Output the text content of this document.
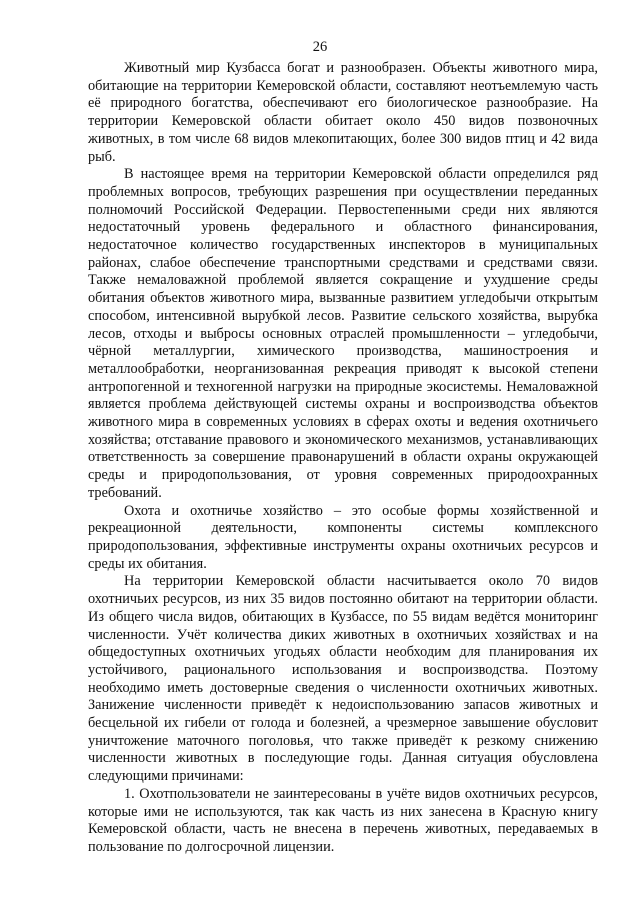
26

Животный мир Кузбасса богат и разнообразен. Объекты животного мира, обитающие на территории Кемеровской области, составляют неотъемлемую часть её природного богатства, обеспечивают его биологическое разнообразие. На территории Кемеровской области обитает около 450 видов позвоночных животных, в том числе 68 видов млекопитающих, более 300 видов птиц и 42 вида рыб.

В настоящее время на территории Кемеровской области определился ряд проблемных вопросов, требующих разрешения при осуществлении переданных полномочий Российской Федерации. Первостепенными среди них являются недостаточный уровень федерального и областного финансирования, недостаточное количество государственных инспекторов в муниципальных районах, слабое обеспечение транспортными средствами и средствами связи. Также немаловажной проблемой является сокращение и ухудшение среды обитания объектов животного мира, вызванные развитием угледобычи открытым способом, интенсивной вырубкой лесов. Развитие сельского хозяйства, вырубка лесов, отходы и выбросы основных отраслей промышленности – угледобычи, чёрной металлургии, химического производства, машиностроения и металлообработки, неорганизованная рекреация приводят к высокой степени антропогенной и техногенной нагрузки на природные экосистемы. Немаловажной является проблема действующей системы охраны и воспроизводства объектов животного мира в современных условиях в сферах охоты и ведения охотничьего хозяйства; отставание правового и экономического механизмов, устанавливающих ответственность за совершение правонарушений в области охраны окружающей среды и природопользования, от уровня современных природоохранных требований.

Охота и охотничье хозяйство – это особые формы хозяйственной и рекреационной деятельности, компоненты системы комплексного природопользования, эффективные инструменты охраны охотничьих ресурсов и среды их обитания.

На территории Кемеровской области насчитывается около 70 видов охотничьих ресурсов, из них 35 видов постоянно обитают на территории области. Из общего числа видов, обитающих в Кузбассе, по 55 видам ведётся мониторинг численности. Учёт количества диких животных в охотничьих хозяйствах и на общедоступных охотничьих угодьях области необходим для планирования их устойчивого, рационального использования и воспроизводства. Поэтому необходимо иметь достоверные сведения о численности охотничьих животных. Занижение численности приведёт к недоиспользованию запасов животных и бесцельной их гибели от голода и болезней, а чрезмерное завышение обусловит уничтожение маточного поголовья, что также приведёт к резкому снижению численности животных в последующие годы. Данная ситуация обусловлена следующими причинами:

1. Охотпользователи не заинтересованы в учёте видов охотничьих ресурсов, которые ими не используются, так как часть из них занесена в Красную книгу Кемеровской области, часть не внесена в перечень животных, передаваемых в пользование по долгосрочной лицензии.
